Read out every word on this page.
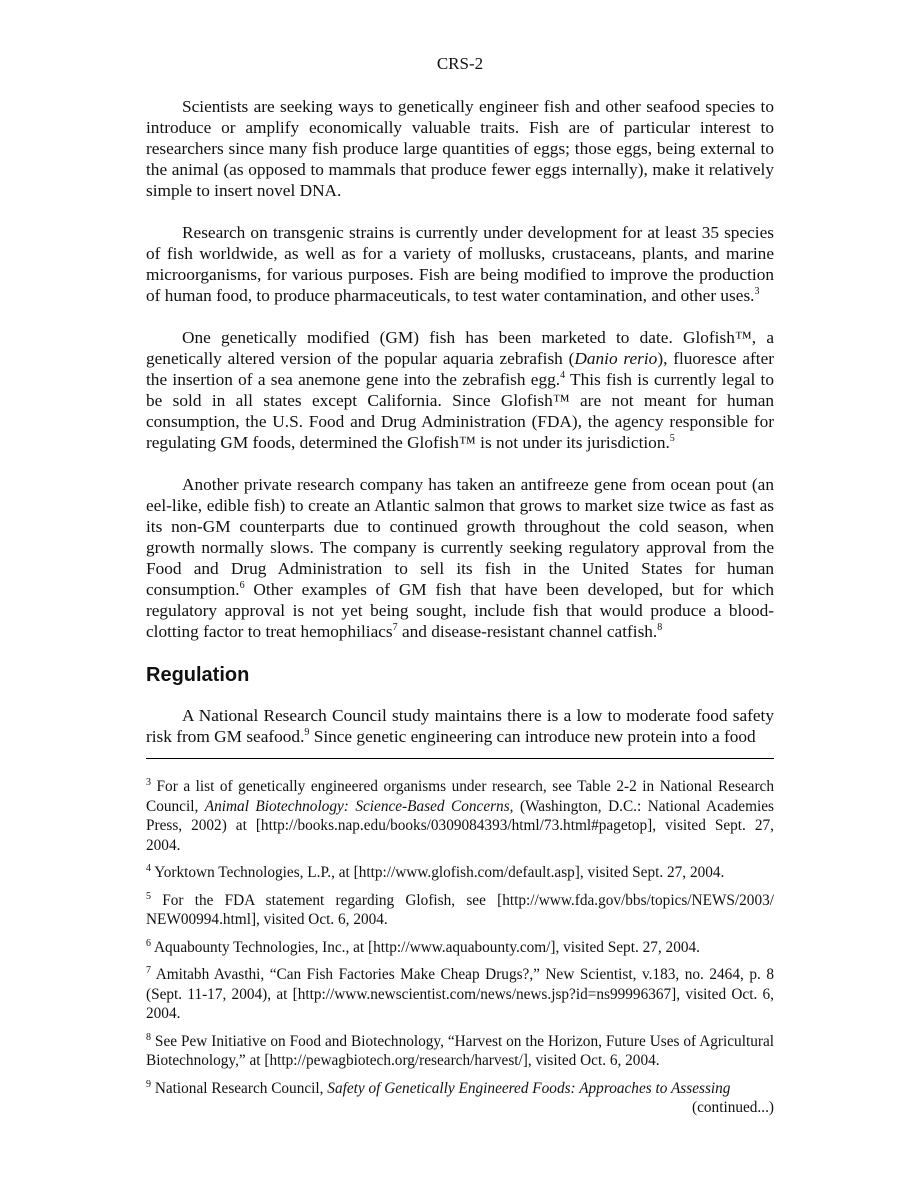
CRS-2

Scientists are seeking ways to genetically engineer fish and other seafood species to introduce or amplify economically valuable traits. Fish are of particular interest to researchers since many fish produce large quantities of eggs; those eggs, being external to the animal (as opposed to mammals that produce fewer eggs internally), make it relatively simple to insert novel DNA.

Research on transgenic strains is currently under development for at least 35 species of fish worldwide, as well as for a variety of mollusks, crustaceans, plants, and marine microorganisms, for various purposes. Fish are being modified to improve the production of human food, to produce pharmaceuticals, to test water contamination, and other uses.$^3$

One genetically modified (GM) fish has been marketed to date. Glofish™, a genetically altered version of the popular aquaria zebrafish (Danio rerio), fluoresce after the insertion of a sea anemone gene into the zebrafish egg.$^4$ This fish is currently legal to be sold in all states except California. Since Glofish™ are not meant for human consumption, the U.S. Food and Drug Administration (FDA), the agency responsible for regulating GM foods, determined the Glofish™ is not under its jurisdiction.$^5$

Another private research company has taken an antifreeze gene from ocean pout (an eel-like, edible fish) to create an Atlantic salmon that grows to market size twice as fast as its non-GM counterparts due to continued growth throughout the cold season, when growth normally slows. The company is currently seeking regulatory approval from the Food and Drug Administration to sell its fish in the United States for human consumption.$^6$ Other examples of GM fish that have been developed, but for which regulatory approval is not yet being sought, include fish that would produce a blood-clotting factor to treat hemophiliacs$^7$ and disease-resistant channel catfish.$^8$

Regulation

A National Research Council study maintains there is a low to moderate food safety risk from GM seafood.$^9$ Since genetic engineering can introduce new protein into a food

$^3$ For a list of genetically engineered organisms under research, see Table 2-2 in National Research Council, Animal Biotechnology: Science-Based Concerns, (Washington, D.C.: National Academies Press, 2002) at [http://books.nap.edu/books/0309084393/html/73.html#pagetop], visited Sept. 27, 2004.

$^4$ Yorktown Technologies, L.P., at [http://www.glofish.com/default.asp], visited Sept. 27, 2004.

$^5$ For the FDA statement regarding Glofish, see [http://www.fda.gov/bbs/topics/NEWS/2003/ NEW00994.html], visited Oct. 6, 2004.

$^6$ Aquabounty Technologies, Inc., at [http://www.aquabounty.com/], visited Sept. 27, 2004.

$^7$ Amitabh Avasthi, “Can Fish Factories Make Cheap Drugs?,” New Scientist, v.183, no. 2464, p. 8 (Sept. 11-17, 2004), at [http://www.newscientist.com/news/news.jsp?id=ns99996367], visited Oct. 6, 2004.

$^8$ See Pew Initiative on Food and Biotechnology, “Harvest on the Horizon, Future Uses of Agricultural Biotechnology,” at [http://pewagbiotech.org/research/harvest/], visited Oct. 6, 2004.

$^9$ National Research Council, Safety of Genetically Engineered Foods: Approaches to Assessing

(continued...)
